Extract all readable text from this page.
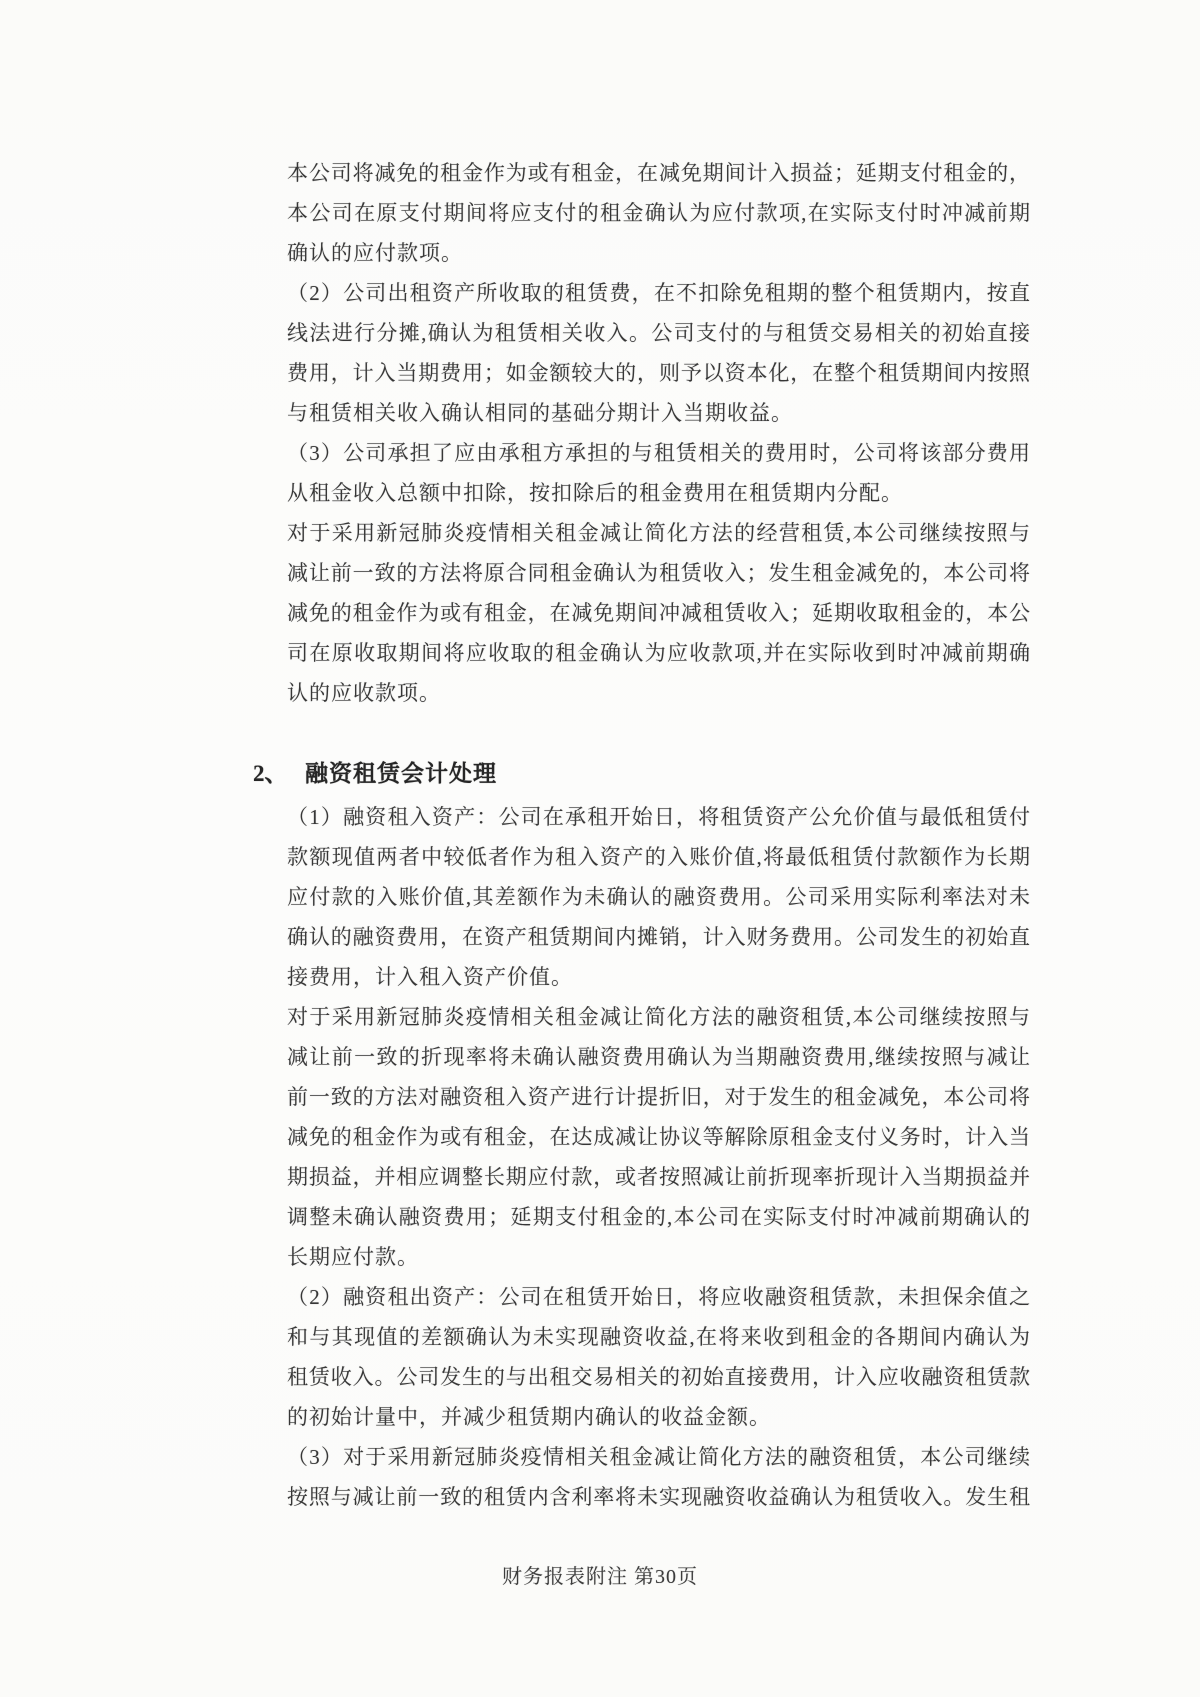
本公司将减免的租金作为或有租金，在减免期间计入损益；延期支付租金的，
本公司在原支付期间将应支付的租金确认为应付款项,在实际支付时冲减前期
确认的应付款项。
（2）公司出租资产所收取的租赁费，在不扣除免租期的整个租赁期内，按直
线法进行分摊,确认为租赁相关收入。公司支付的与租赁交易相关的初始直接
费用，计入当期费用；如金额较大的，则予以资本化，在整个租赁期间内按照
与租赁相关收入确认相同的基础分期计入当期收益。
（3）公司承担了应由承租方承担的与租赁相关的费用时，公司将该部分费用
从租金收入总额中扣除，按扣除后的租金费用在租赁期内分配。
对于采用新冠肺炎疫情相关租金减让简化方法的经营租赁,本公司继续按照与
减让前一致的方法将原合同租金确认为租赁收入；发生租金减免的，本公司将
减免的租金作为或有租金，在减免期间冲减租赁收入；延期收取租金的，本公
司在原收取期间将应收取的租金确认为应收款项,并在实际收到时冲减前期确
认的应收款项。
2、 融资租赁会计处理
（1）融资租入资产：公司在承租开始日，将租赁资产公允价值与最低租赁付
款额现值两者中较低者作为租入资产的入账价值,将最低租赁付款额作为长期
应付款的入账价值,其差额作为未确认的融资费用。公司采用实际利率法对未
确认的融资费用，在资产租赁期间内摊销，计入财务费用。公司发生的初始直
接费用，计入租入资产价值。
对于采用新冠肺炎疫情相关租金减让简化方法的融资租赁,本公司继续按照与
减让前一致的折现率将未确认融资费用确认为当期融资费用,继续按照与减让
前一致的方法对融资租入资产进行计提折旧，对于发生的租金减免，本公司将
减免的租金作为或有租金，在达成减让协议等解除原租金支付义务时，计入当
期损益，并相应调整长期应付款，或者按照减让前折现率折现计入当期损益并
调整未确认融资费用；延期支付租金的,本公司在实际支付时冲减前期确认的
长期应付款。
（2）融资租出资产：公司在租赁开始日，将应收融资租赁款，未担保余值之
和与其现值的差额确认为未实现融资收益,在将来收到租金的各期间内确认为
租赁收入。公司发生的与出租交易相关的初始直接费用，计入应收融资租赁款
的初始计量中，并减少租赁期内确认的收益金额。
（3）对于采用新冠肺炎疫情相关租金减让简化方法的融资租赁，本公司继续
按照与减让前一致的租赁内含利率将未实现融资收益确认为租赁收入。发生租
财务报表附注 第30页
